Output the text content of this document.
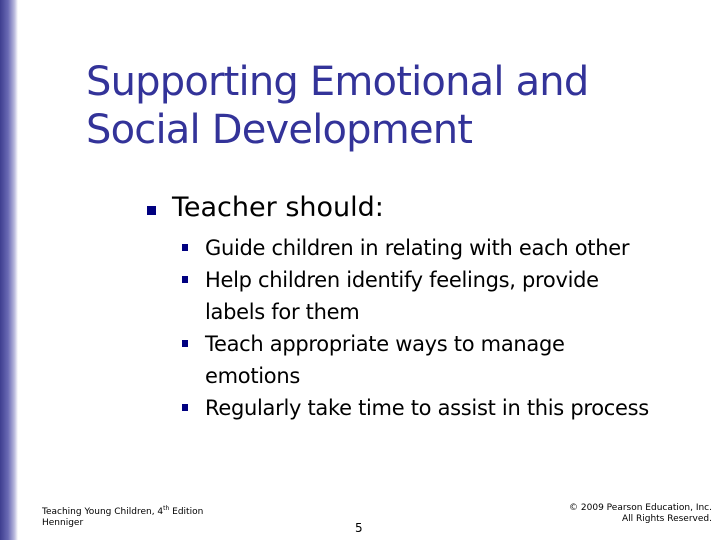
Supporting Emotional and
Social Development
Teacher should:
Guide children in relating with each other
Help children identify feelings, provide
labels for them
Teach appropriate ways to manage
emotions
Regularly take time to assist in this process
Teaching Young Children, 4th Edition
Henniger	5
© 2009 Pearson Education, Inc.
All Rights Reserved.
